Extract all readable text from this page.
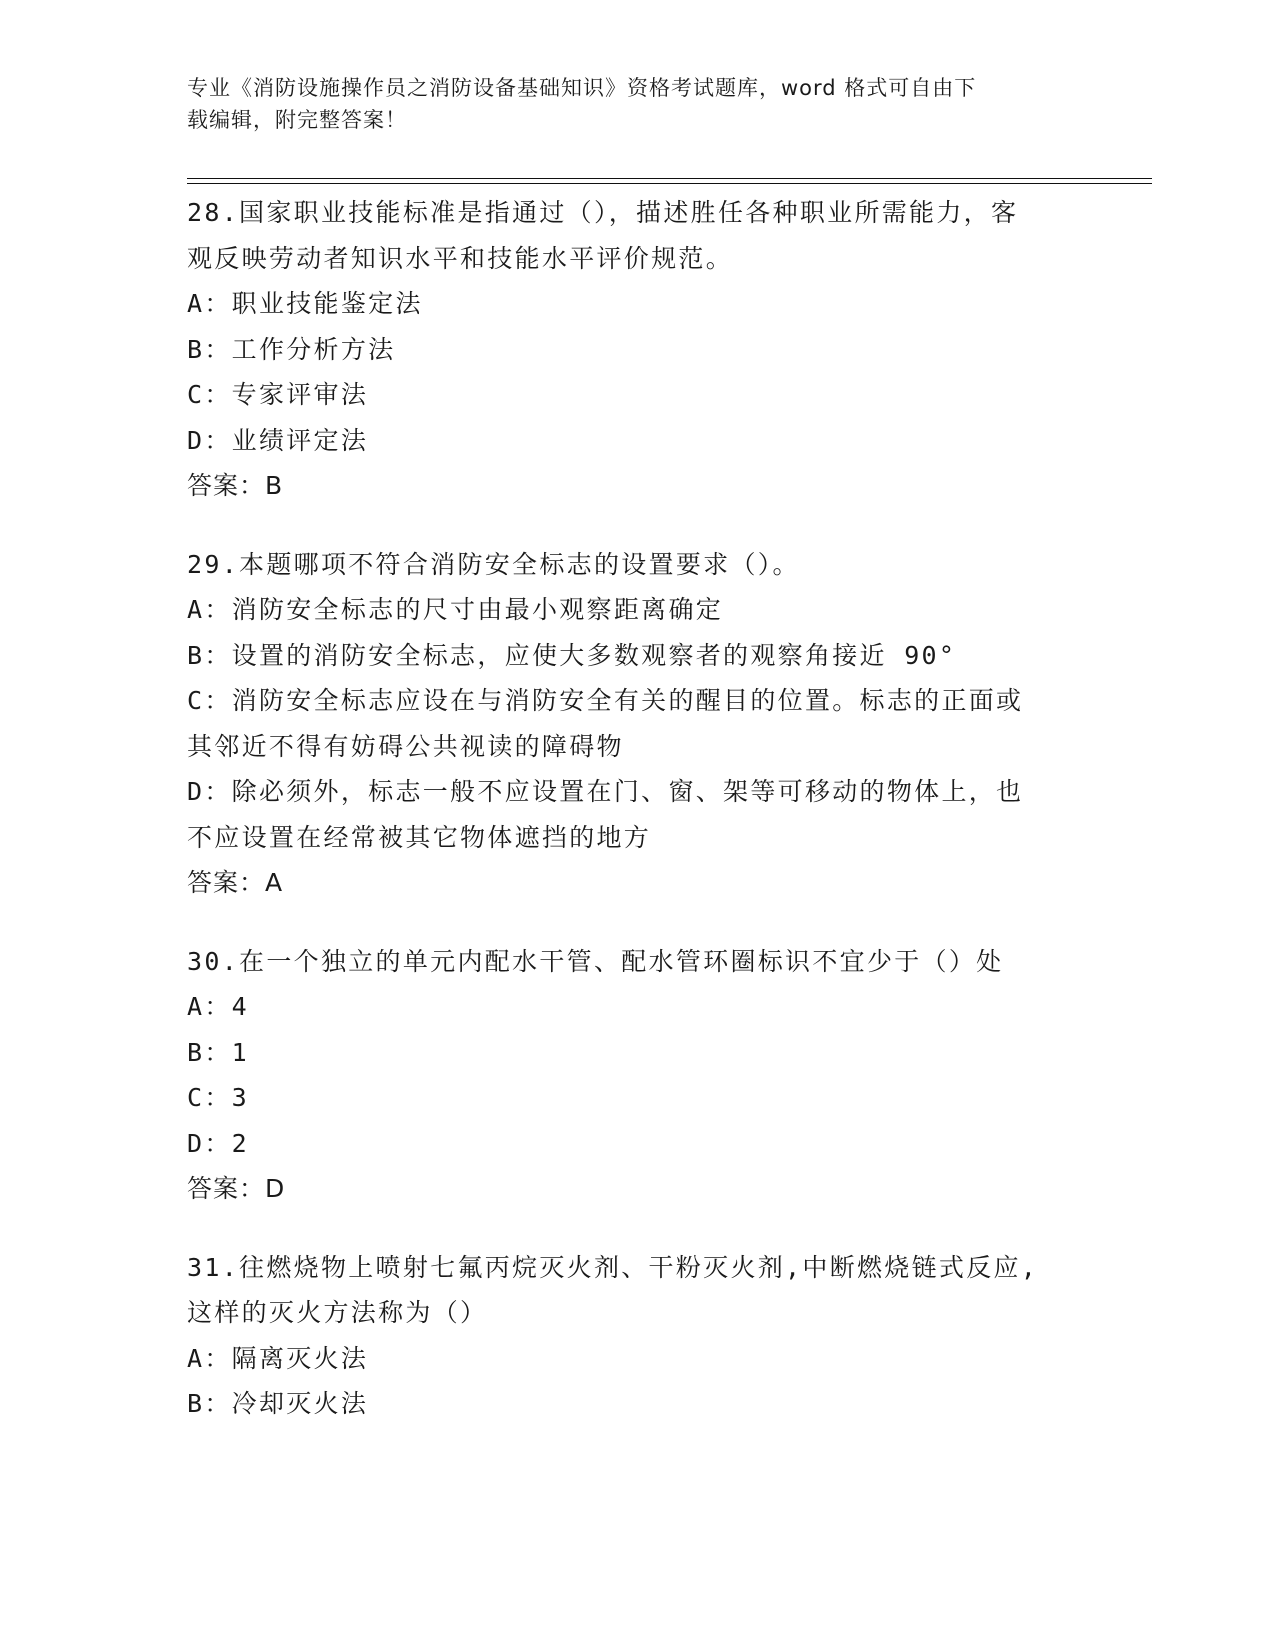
专业《消防设施操作员之消防设备基础知识》资格考试题库，word 格式可自由下
载编辑，附完整答案！
28.国家职业技能标准是指通过（），描述胜任各种职业所需能力，客
观反映劳动者知识水平和技能水平评价规范。
A：职业技能鉴定法
B：工作分析方法
C：专家评审法
D：业绩评定法
答案：B
29.本题哪项不符合消防安全标志的设置要求（）。
A：消防安全标志的尺寸由最小观察距离确定
B：设置的消防安全标志，应使大多数观察者的观察角接近 90°
C：消防安全标志应设在与消防安全有关的醒目的位置。标志的正面或
其邻近不得有妨碍公共视读的障碍物
D：除必须外，标志一般不应设置在门、窗、架等可移动的物体上，也
不应设置在经常被其它物体遮挡的地方
答案：A
30.在一个独立的单元内配水干管、配水管环圈标识不宜少于（）处
A：4
B：1
C：3
D：2
答案：D
31.往燃烧物上喷射七氟丙烷灭火剂、干粉灭火剂,中断燃烧链式反应,
这样的灭火方法称为（）
A：隔离灭火法
B：冷却灭火法
